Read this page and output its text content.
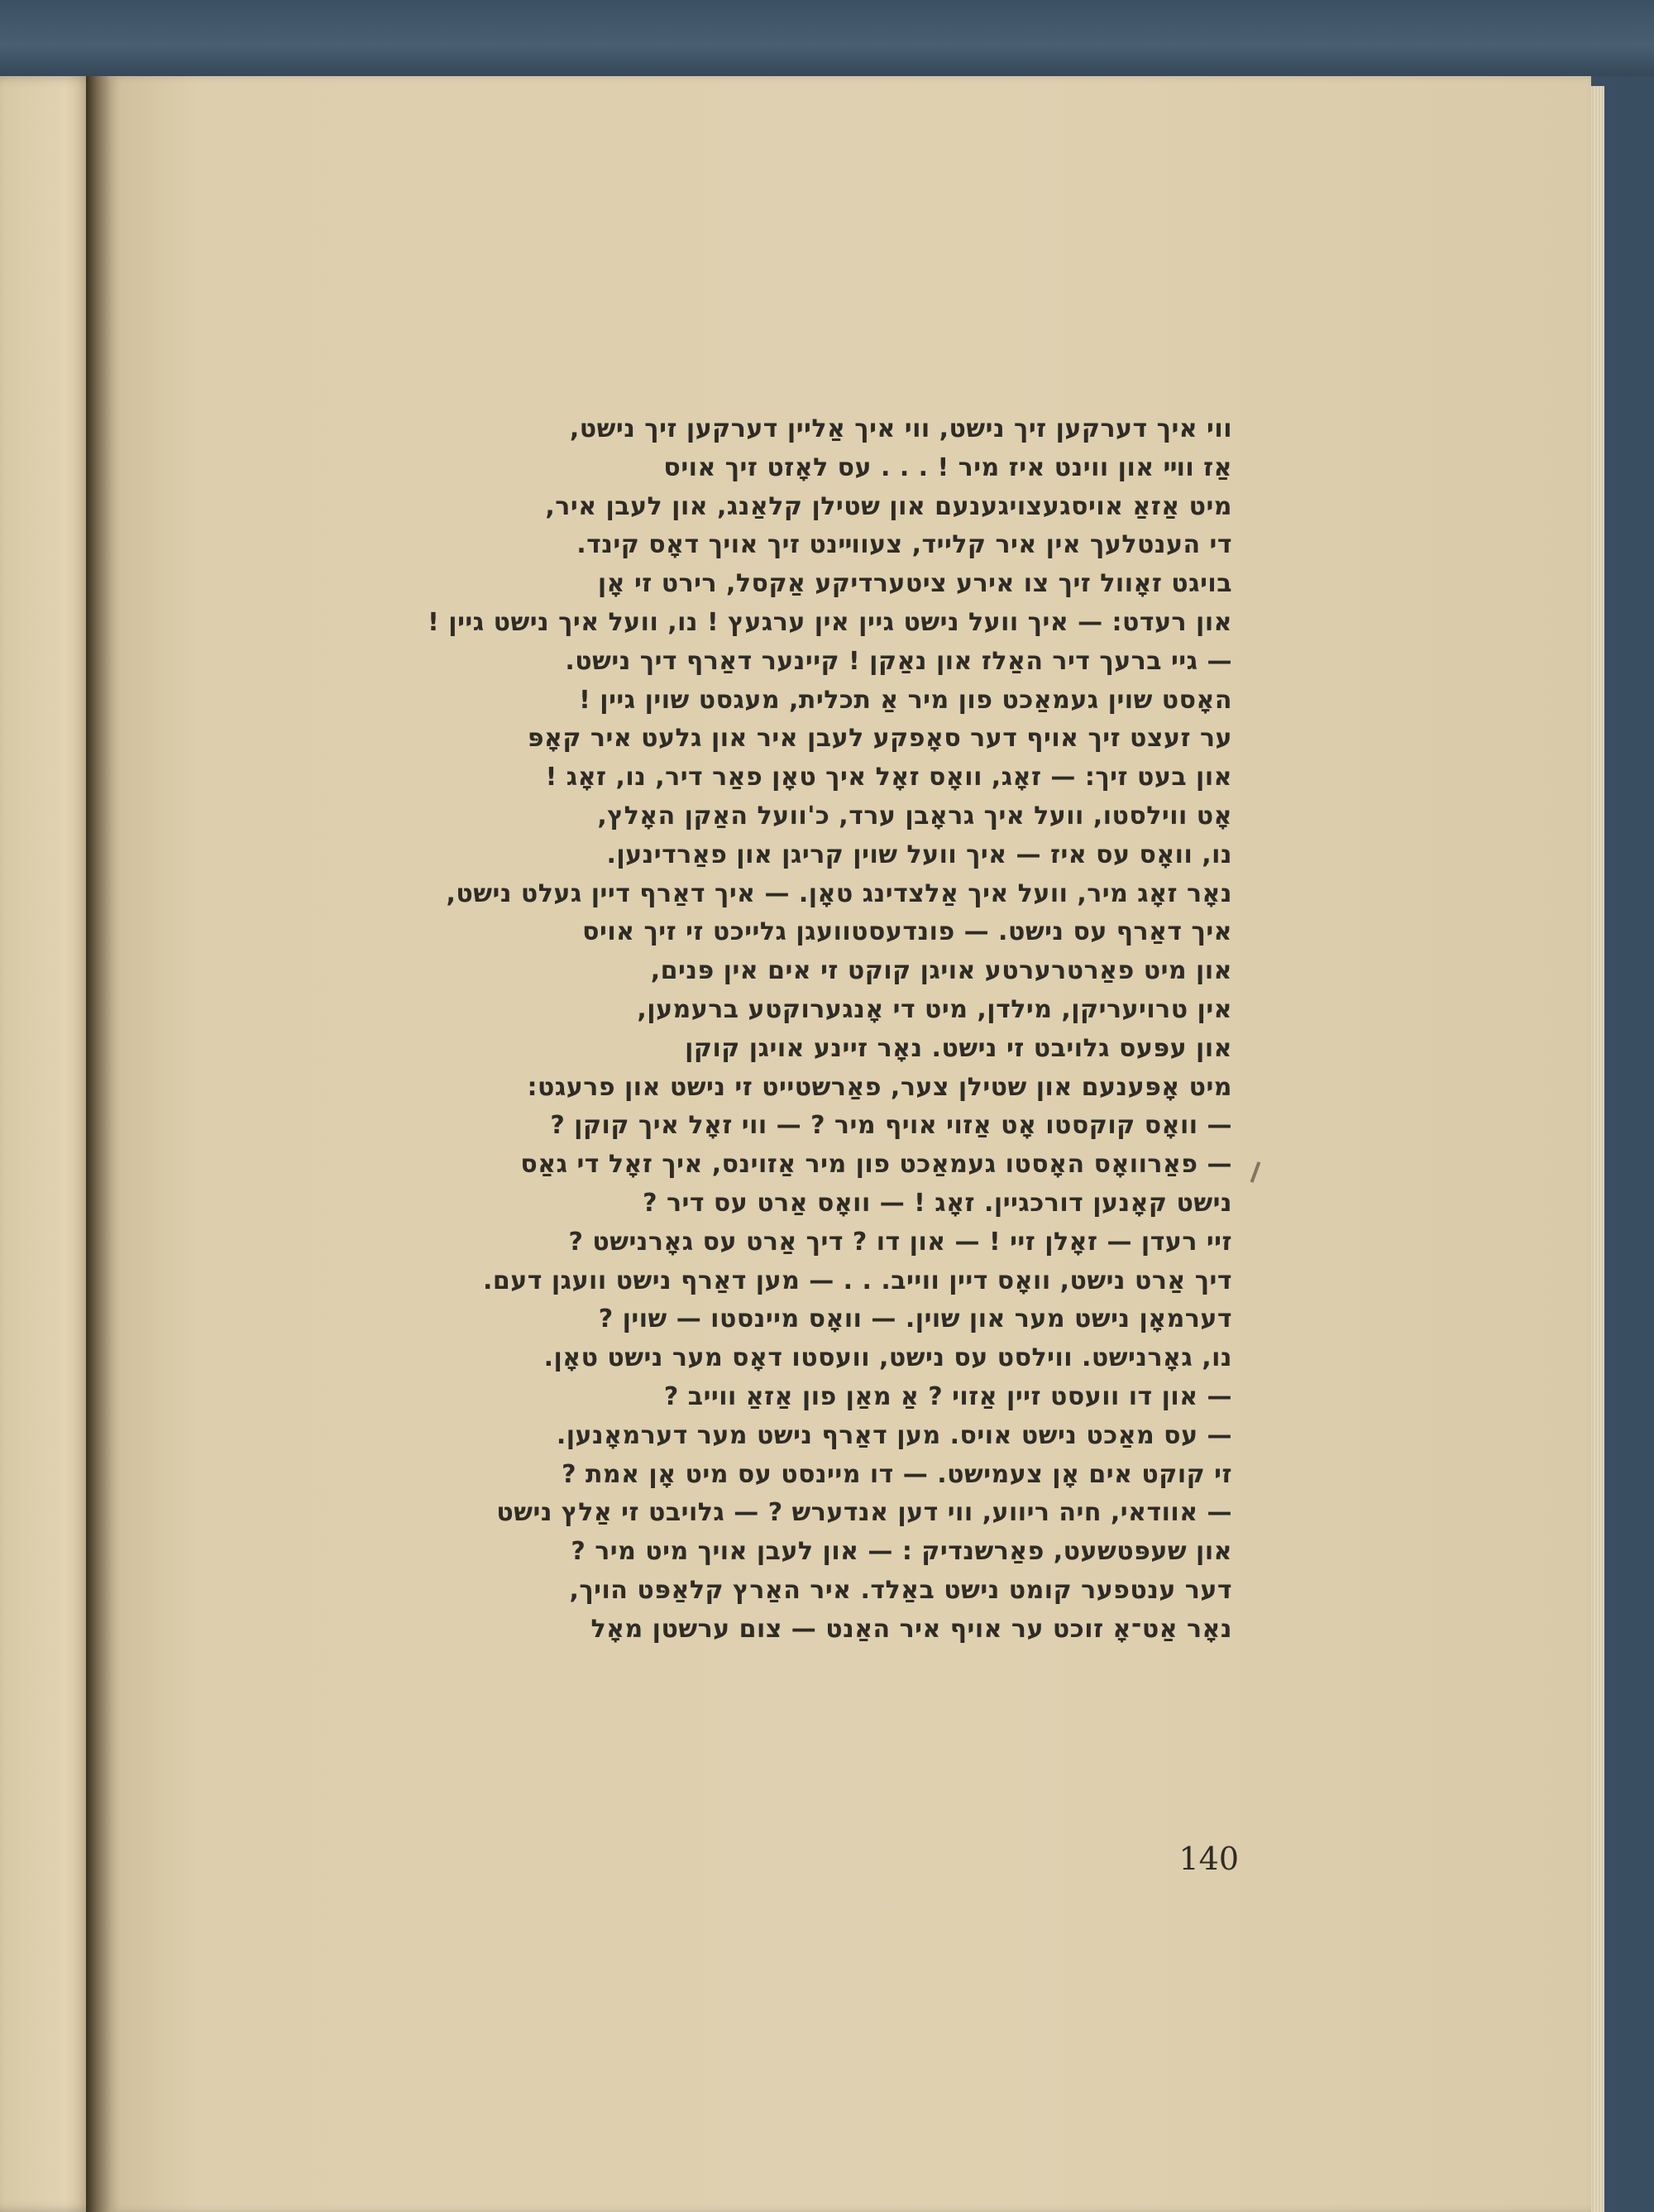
ווי איך דערקען זיך נישט, ווי איך אַליין דערקען זיך נישט,
אַז ווײ און ווינט איז מיר ! . . . עס לאָזט זיך אויס
מיט אַזאַ אויסגעצויגענעם און שטילן קלאַנג, און לעבן איר,
די הענטלעך אין איר קלייד, צעווײנט זיך אויך דאָס קינד.
בויגט זאָוול זיך צו אירע ציטערדיקע אַקסל, רירט זי אָן
און רעדט: — איך וועל נישט גיין אין ערגעץ ! נו, וועל איך נישט גיין !
— גיי ברעך דיר האַלז און נאַקן ! קיינער דאַרף דיך נישט.
האָסט שוין געמאַכט פון מיר אַ תכלית, מעגסט שוין גיין !
ער זעצט זיך אויף דער סאָפקע לעבן איר און גלעט איר קאָפּ
און בעט זיך: — זאָג, וואָס זאָל איך טאָן פאַר דיר, נו, זאָג !
אָט ווילסטו, וועל איך גראָבן ערד, כ'וועל האַקן האָלץ,
נו, וואָס עס איז — איך וועל שוין קריגן און פאַרדינען.
נאָר זאָג מיר, וועל איך אַלצדינג טאָן. — איך דאַרף דיין געלט נישט,
איך דאַרף עס נישט. — פונדעסטוועגן גלייכט זי זיך אויס
און מיט פאַרטרערטע אויגן קוקט זי אים אין פּנים,
אין טרויעריקן, מילדן, מיט די אָנגערוקטע ברעמען,
און עפּעס גלויבט זי נישט. נאָר זיינע אויגן קוקן
מיט אָפּענעם און שטילן צער, פאַרשטייט זי נישט און פרעגט:
— וואָס קוקסטו אָט אַזוי אויף מיר ? — ווי זאָל איך קוקן ?
— פאַרוואָס האָסטו געמאַכט פון מיר אַזוינס, איך זאָל די גאַס
נישט קאָנען דורכגיין. זאָג ! — וואָס אַרט עס דיר ?
זיי רעדן — זאָלן זיי ! — און דו ? דיך אַרט עס גאָרנישט ?
דיך אַרט נישט, וואָס דיין ווייב. . . — מען דאַרף נישט וועגן דעם.
דערמאָן נישט מער און שוין. — וואָס מיינסטו — שוין ?
נו, גאָרנישט. ווילסט עס נישט, וועסטו דאָס מער נישט טאָן.
— און דו וועסט זיין אַזוי ? אַ מאַן פון אַזאַ ווייב ?
— עס מאַכט נישט אויס. מען דאַרף נישט מער דערמאָנען.
זי קוקט אים אָן צעמישט. — דו מיינסט עס מיט אָן אמת ?
— אוודאי, חיה ריווע, ווי דען אנדערש ? — גלויבט זי אַלץ נישט
און שעפּטשעט, פאַרשנדיק : — און לעבן אויך מיט מיר ?
דער ענטפער קומט נישט באַלד. איר האַרץ קלאַפּט הויך,
נאָר אַט־אָ זוכט ער אויף איר האַנט — צום ערשטן מאָל
140
